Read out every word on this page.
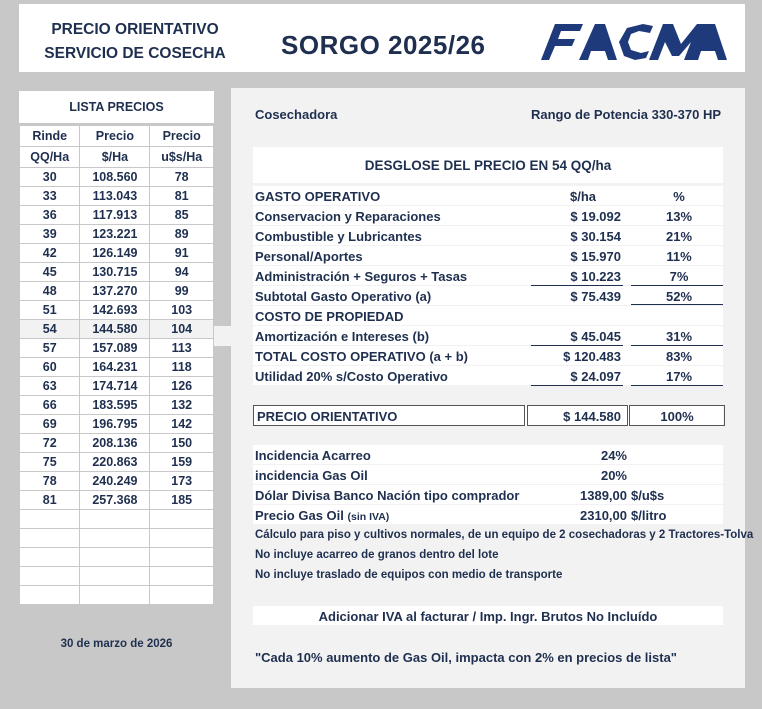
PRECIO ORIENTATIVO
SERVICIO DE COSECHA	SORGO 2025/26
LISTA PRECIOS
Rinde	Precio	Precio
QQ/Ha	$/Ha	u$s/Ha
30	108.560	78
33	113.043	81
36	117.913	85
39	123.221	89
42	126.149	91
45	130.715	94
48	137.270	99
51	142.693	103
54	144.580	104
57	157.089	113
60	164.231	118
63	174.714	126
66	183.595	132
69	196.795	142
72	208.136	150
75	220.863	159
78	240.249	173
81	257.368	185

30 de marzo de 2026
Cosechadora	Rango de Potencia 330-370 HP
DESGLOSE DEL PRECIO EN 54 QQ/ha
GASTO OPERATIVO	$/ha	%
Conservacion y Reparaciones	$ 19.092	13%
Combustible y Lubricantes	$ 30.154	21%
Personal/Aportes	$ 15.970	11%
Administración + Seguros + Tasas	$ 10.223	7%
Subtotal Gasto Operativo (a)	$ 75.439	52%
COSTO DE PROPIEDAD
Amortización e Intereses (b)	$ 45.045	31%
TOTAL COSTO OPERATIVO (a + b)	$ 120.483	83%
Utilidad 20% s/Costo Operativo	$ 24.097	17%
PRECIO ORIENTATIVO	$ 144.580	100%
Incidencia Acarreo	24%
incidencia Gas Oil	20%
Dólar Divisa Banco Nación tipo comprador	1389,00 $/u$s
Precio Gas Oil (sin IVA)	2310,00 $/litro
Cálculo para piso y cultivos normales, de un equipo de 2 cosechadoras y 2 Tractores-Tolva
No incluye acarreo de granos dentro del lote
No incluye traslado de equipos con medio de transporte
Adicionar IVA al facturar / Imp. Ingr. Brutos No Incluído
"Cada 10% aumento de Gas Oil, impacta con 2% en precios de lista"
